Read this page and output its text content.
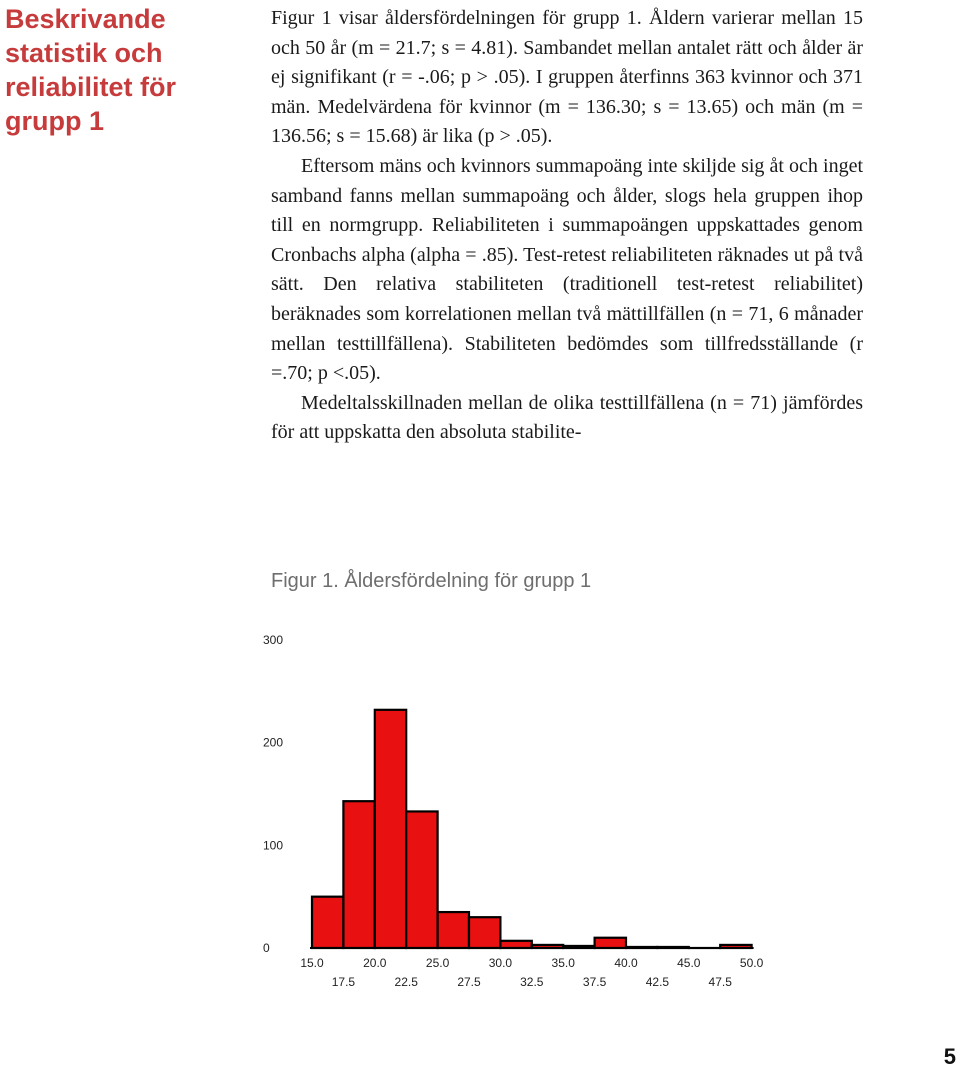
Beskrivande statistik och reliabilitet för grupp 1

Figur 1 visar åldersfördelningen för grupp 1. Åldern varierar mellan 15 och 50 år (m = 21.7; s = 4.81). Sambandet mellan antalet rätt och ålder är ej signifikant (r = -.06; p > .05). I gruppen återfinns 363 kvinnor och 371 män. Medelvärdena för kvinnor (m = 136.30; s = 13.65) och män (m = 136.56; s = 15.68) är lika (p > .05).

Eftersom mäns och kvinnors summapoäng inte skiljde sig åt och inget samband fanns mellan summapoäng och ålder, slogs hela gruppen ihop till en normgrupp. Reliabiliteten i summapoängen uppskattades genom Cronbachs alpha (alpha = .85). Test-retest reliabiliteten räknades ut på två sätt. Den relativa stabiliteten (traditionell test-retest reliabilitet) beräknades som korrelationen mellan två mättillfällen (n = 71, 6 månader mellan testtillfällena). Stabiliteten bedömdes som tillfredsställande (r =.70; p <.05).

Medeltalsskillnaden mellan de olika testtillfällena (n = 71) jämfördes för att uppskatta den absoluta stabilite-

Figur 1. Åldersfördelning för grupp 1
0
100
200
300
15.0	20.0	25.0	30.0	35.0	40.0	45.0	50.0
17.5	22.5	27.5	32.5	37.5	42.5	47.5
5
